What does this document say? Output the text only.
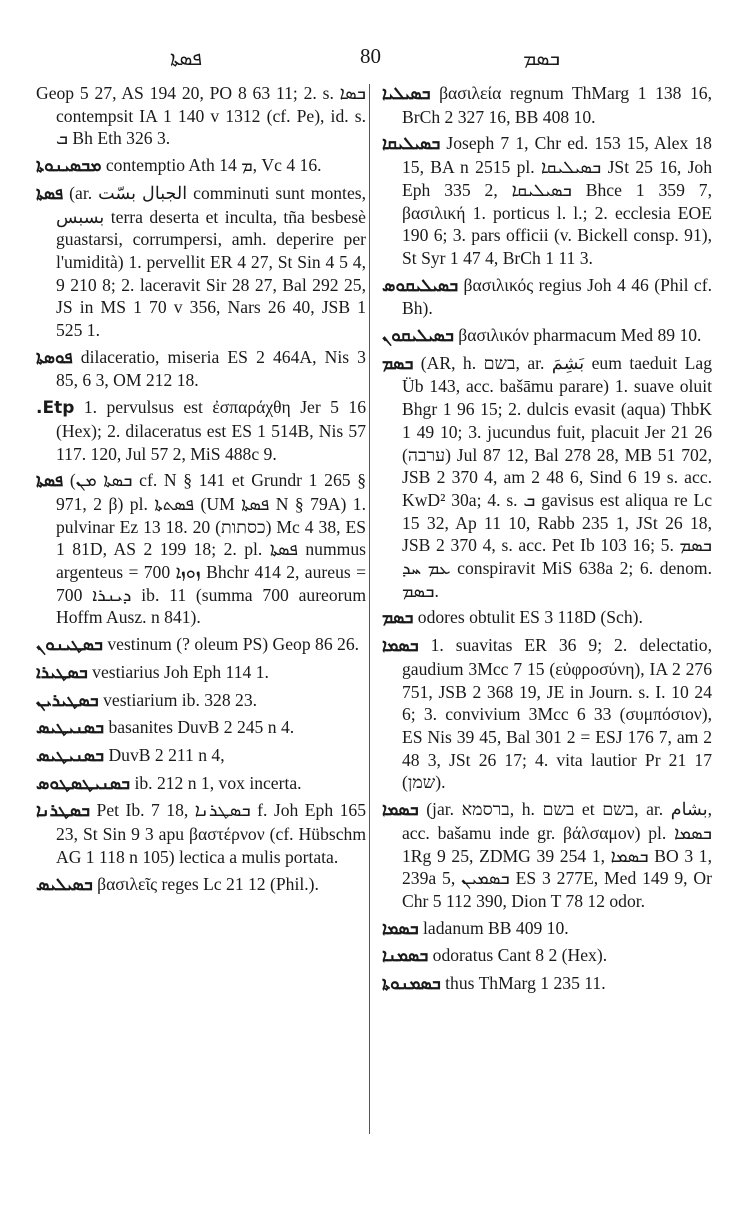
ܦܣܬܐ	80	ܒܣܡ

Geop 5 27, AS 194 20, PO 8 63 11; 2. s. ܒܣܐ contempsit IA 1 140 v 1312 (cf. Pe), id. s. ܒ Bh Eth 326 3.

ܡܒܣܝܢܘܬܐ contemptio Ath ܡ 14, Vc 4 16.

ܦܣܬܐ (ar. الجبال بسّت comminuti sunt montes, بسبس terra deserta et inculta, tña besbesè guastarsi, corrumpersi, amh. deperire per l'umidità) 1. pervellit ER 4 27, St Sin 4 5 4, 9 210 8; 2. laceravit Sir 28 27, Bal 292 25, JS in MS 1 70 v 356, Nars 26 40, JSB 1 525 1.

ܦܘܣܬܐ dilaceratio, miseria ES 2 464A, Nis 3 85, 6 3, OM 212 18.

Etp. 1. pervulsus est ἐσπαράχθη Jer 5 16 (Hex); 2. dilaceratus est ES 1 514B, Nis 57 117. 120, Jul 57 2, MiS 488c 9.

ܦܣܬܐ (ܒܣܬܐ ܡܢ cf. N § 141 et Grundr 1 265 § 971, 2 β) pl. ܦܣܬܬܐ (UM ܦܣܬܐ N § 79A) 1. pulvinar Ez 13 18. 20 (כסתות) Mc 4 38, ES 1 81D, AS 2 199 18; 2. pl. ܦܣܬܐ nummus argenteus = 700 ܙܘܙܐ Bhchr 414 2, aureus = 700 ܕܝܢܪܐ ib. 11 (summa 700 aureorum Hoffm Ausz. n 841).

ܒܣܛܝܢܘܢ vestinum (? oleum PS) Geop 86 26.

ܒܣܛܝܪܐ vestiarius Joh Eph 114 1.

ܒܣܛܝܪܝܢ vestiarium ib. 328 23.

ܒܣܢܝܛܝܣ basanites DuvB 2 245 n 4.

ܒܣܢܝܛܝܣ DuvB 2 211 n 4,

ܒܣܢܝܛܣܛܘܣ ib. 212 n 1, vox incerta.

ܒܣܛܪܢܐ Pet Ib. 7 18, ܒܣܛܪܢܐ f. Joh Eph 165 23, St Sin 9 3 apu βαστέρνον (cf. Hübschm AG 1 118 n 105) lectica a mulis portata.

ܒܣܝܠܝܣ βασιλεῖς reges Lc 21 12 (Phil.).

ܒܣܝܠܝܐ βασιλεία regnum ThMarg 1 138 16, BrCh 2 327 16, BB 408 10.

ܒܣܝܠܝܩܐ Joseph 7 1, Chr ed. 153 15, Alex 18 15, BA n 2515 pl. ܒܣܝܠܝܩܐ JSt 25 16, Joh Eph 335 2, ܒܣܝܠܝܩܐ Bhce 1 359 7, βασιλική 1. porticus l. l.; 2. ecclesia EOE 190 6; 3. pars officii (v. Bickell consp. 91), St Syr 1 47 4, BrCh 1 11 3.

ܒܣܝܠܝܩܘܣ βασιλικός regius Joh 4 46 (Phil cf. Bh).

ܒܣܝܠܝܩܘܢ βασιλικόν pharmacum Med 89 10.

ܒܣܡ (AR, h. בשם, ar. بَشِمَ eum taeduit Lag Üb 143, acc. bašāmu parare) 1. suave oluit Bhgr 1 96 15; 2. dulcis evasit (aqua) ThbK 1 49 10; 3. jucundus fuit, placuit Jer 21 26 (ערבה) Jul 87 12, Bal 278 28, MB 51 702, JSB 2 370 4, am 2 48 6, Sind 6 19 s. acc. KwD² 30a; 4. s. ܒ gavisus est aliqua re Lc 15 32, Ap 11 10, Rabb 235 1, JSt 26 18, JSB 2 370 4, s. acc. Pet Ib 103 16; 5. ܒܣܡ ܥܡ ܚܕ conspiravit MiS 638a 2; 6. denom. ܒܣܡ.

ܒܣܡ odores obtulit ES 3 118D (Sch).

ܒܣܡܐ 1. suavitas ER 36 9; 2. delectatio, gaudium 3Mcc 7 15 (εὐφροσύνη), IA 2 276 751, JSB 2 368 19, JE in Journ. s. I. 10 24 6; 3. convivium 3Mcc 6 33 (συμπόσιον), ES Nis 39 45, Bal 301 2 = ESJ 176 7, am 2 48 3, JSt 26 17; 4. vita lautior Pr 21 17 (שמן).

ܒܣܡܐ (jar. ברסמא, h. בשם et בשם, ar. بشام, acc. bašamu inde gr. βάλσαμον) pl. ܒܣܡܐ 1Rg 9 25, ZDMG 39 254 1, ܒܣܡܐ BO 3 1, 239a 5, ܒܣܡܝܢ ES 3 277E, Med 149 9, Or Chr 5 112 390, Dion T 78 12 odor.

ܒܣܡܐ ladanum BB 409 10.

ܒܣܡܢܐ odoratus Cant 8 2 (Hex).

ܒܣܡܢܘܬܐ thus ThMarg 1 235 11.
